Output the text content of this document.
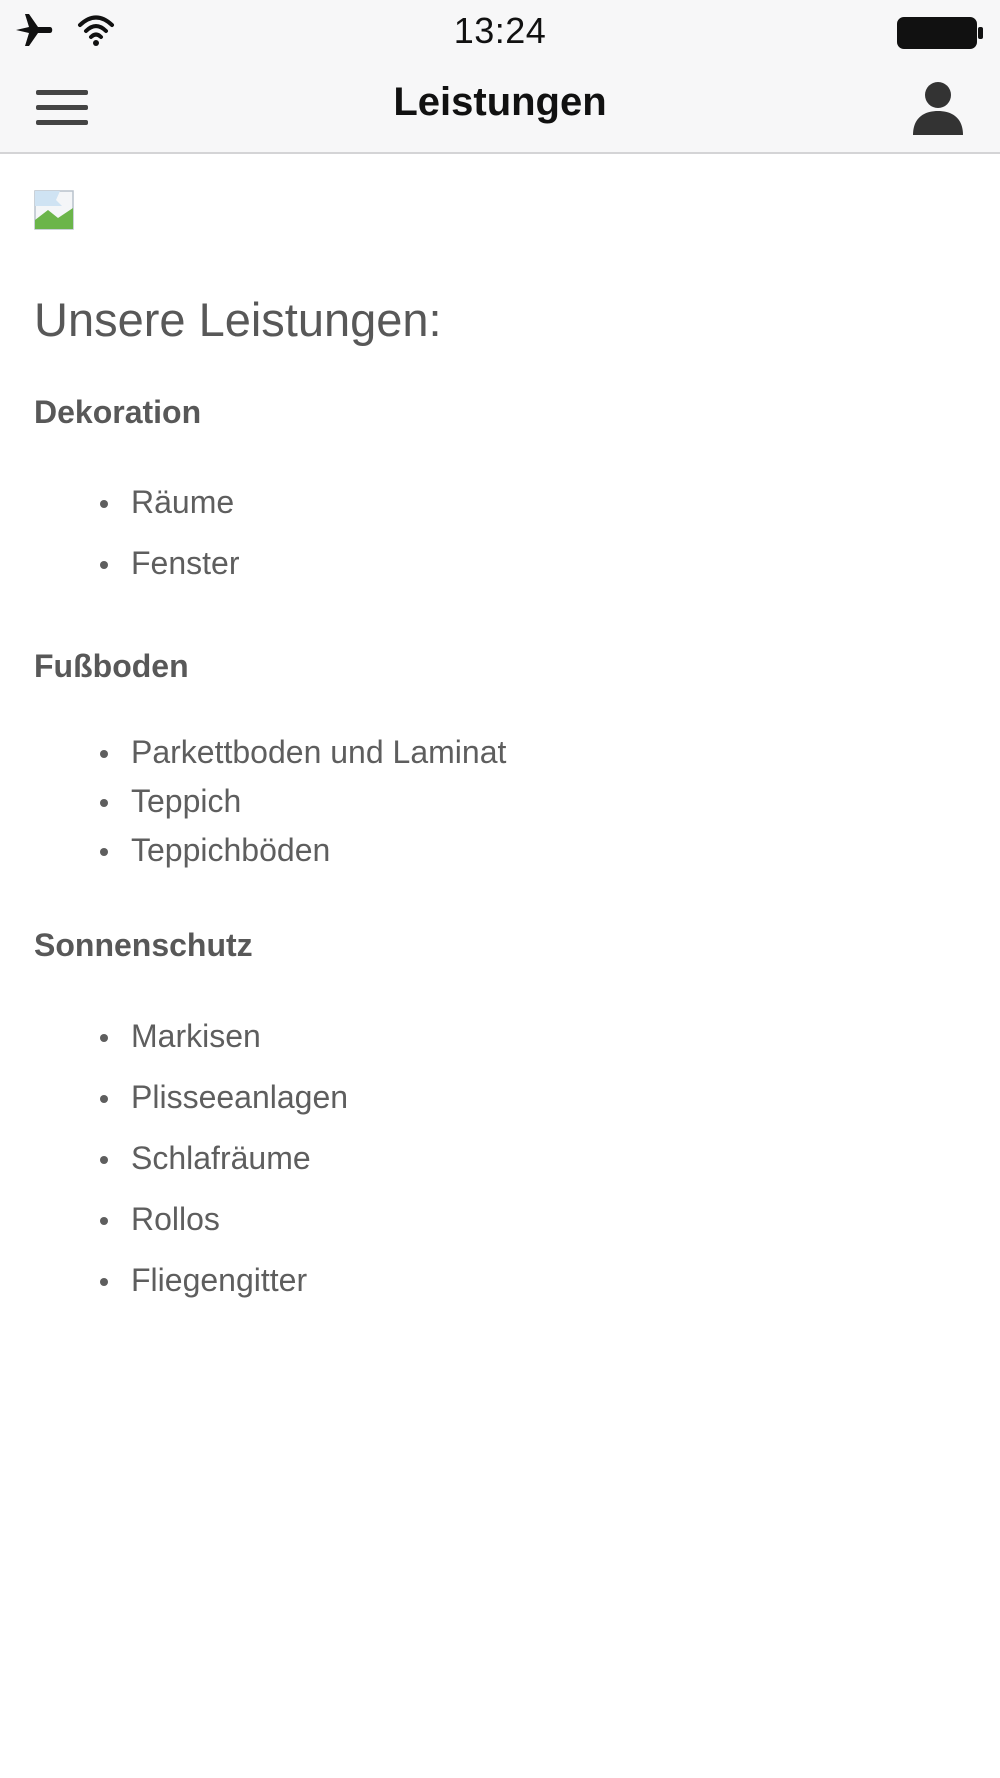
13:24
Leistungen
Unsere Leistungen:
Dekoration
Räume
Fenster
Fußboden
Parkettboden und Laminat
Teppich
Teppichböden
Sonnenschutz
Markisen
Plisseeanlagen
Schlafräume
Rollos
Fliegengitter
